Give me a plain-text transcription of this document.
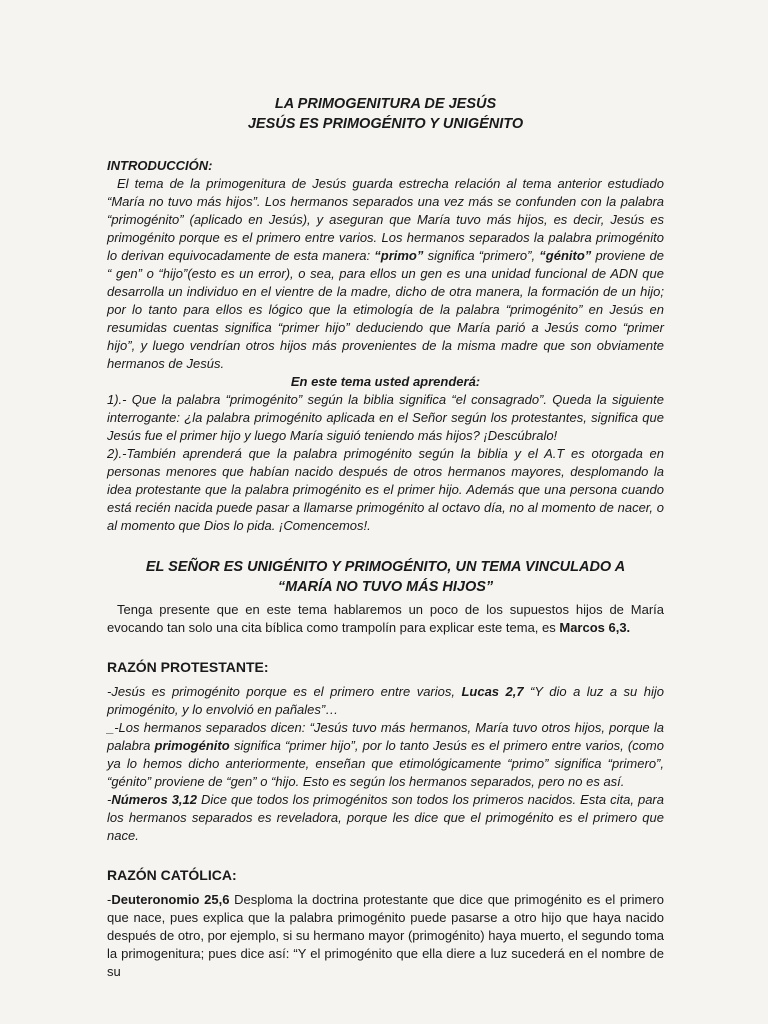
LA PRIMOGENITURA DE JESÚS

JESÚS ES PRIMOGÉNITO Y UNIGÉNITO

INTRODUCCIÓN:

El tema de la primogenitura de Jesús guarda estrecha relación al tema anterior estudiado “María no tuvo más hijos”. Los hermanos separados una vez más se confunden con la palabra “primogénito” (aplicado en Jesús), y aseguran que María tuvo más hijos, es decir, Jesús es primogénito porque es el primero entre varios. Los hermanos separados la palabra primogénito lo derivan equivocadamente de esta manera: “primo” significa “primero”, “génito” proviene de “ gen” o “hijo”(esto es un error), o sea, para ellos un gen es una unidad funcional de ADN que desarrolla un individuo en el vientre de la madre, dicho de otra manera, la formación de un hijo; por lo tanto para ellos es lógico que la etimología de la palabra “primogénito” en Jesús en resumidas cuentas significa “primer hijo” deduciendo que María parió a Jesús como “primer hijo”, y luego vendrían otros hijos más provenientes de la misma madre que son obviamente hermanos de Jesús.

En este tema usted aprenderá:

1).- Que la palabra “primogénito” según la biblia significa “el consagrado”. Queda la siguiente interrogante: ¿la palabra primogénito aplicada en el Señor según los protestantes, significa que Jesús fue el primer hijo y luego María siguió teniendo más hijos? ¡Descúbralo!

2).-También aprenderá que la palabra primogénito según la biblia y el A.T es otorgada en personas menores que habían nacido después de otros hermanos mayores, desplomando la idea protestante que la palabra primogénito es el primer hijo. Además que una persona cuando está recién nacida puede pasar a llamarse primogénito al octavo día, no al momento de nacer, o al momento que Dios lo pida. ¡Comencemos!.

EL SEÑOR ES UNIGÉNITO Y PRIMOGÉNITO, UN TEMA VINCULADO A

“MARÍA NO TUVO MÁS HIJOS”

Tenga presente que en este tema hablaremos un poco de los supuestos hijos de María evocando tan solo una cita bíblica como trampolín para explicar este tema, es Marcos 6,3.

RAZÓN PROTESTANTE:

-Jesús es primogénito porque es el primero entre varios, Lucas 2,7 “Y dio a luz a su hijo primogénito, y lo envolvió en pañales”…

_-Los hermanos separados dicen: “Jesús tuvo más hermanos, María tuvo otros hijos, porque la palabra primogénito significa “primer hijo”, por lo tanto Jesús es el primero entre varios, (como ya lo hemos dicho anteriormente, enseñan que etimológicamente “primo” significa “primero”, “génito” proviene de “gen” o “hijo. Esto es según los hermanos separados, pero no es así.

-Números 3,12 Dice que todos los primogénitos son todos los primeros nacidos. Esta cita, para los hermanos separados es reveladora, porque les dice que el primogénito es el primero que nace.

RAZÓN CATÓLICA:

-Deuteronomio 25,6 Desploma la doctrina protestante que dice que primogénito es el primero que nace, pues explica que la palabra primogénito puede pasarse a otro hijo que haya nacido después de otro, por ejemplo, si su hermano mayor (primogénito) haya muerto, el segundo toma la primogenitura; pues dice así: “Y el primogénito que ella diere a luz sucederá en el nombre de su
